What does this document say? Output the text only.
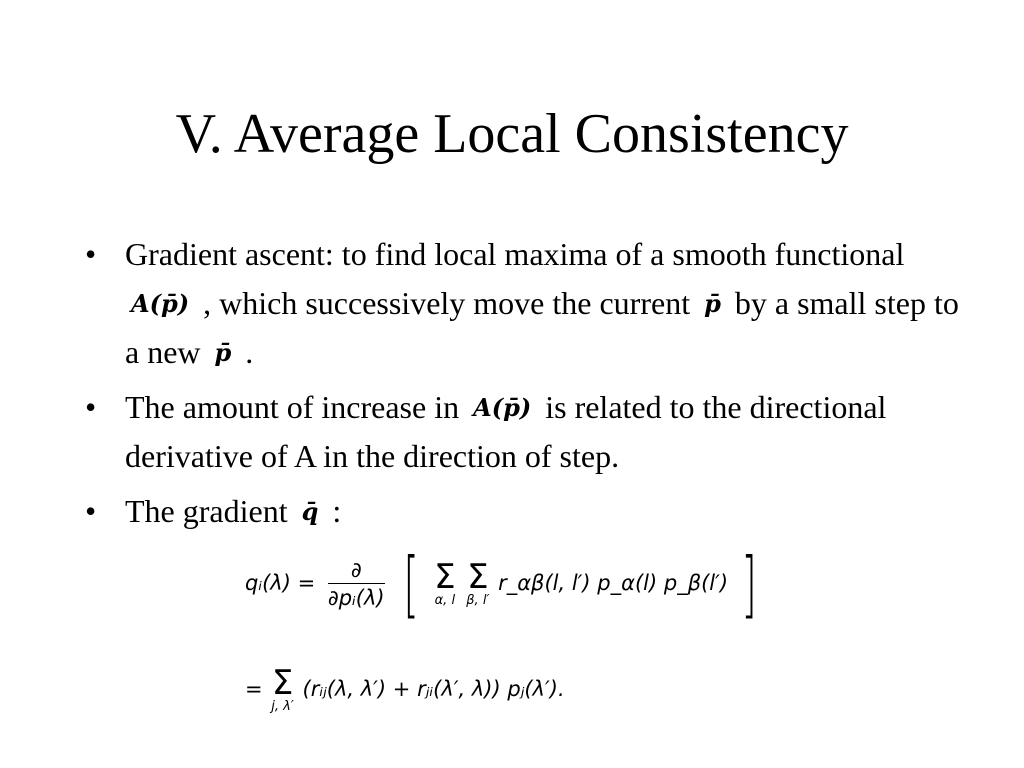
V. Average Local Consistency
• Gradient ascent: to find local maxima of a smooth functional A(p̄) , which successively move the current p̄ by a small step to a new p̄ .
• The amount of increase in A(p̄) is related to the directional derivative of A in the direction of step.
• The gradient q̄ :
qᵢ(λ) = $\frac{\partial}{\text{∂pᵢ(λ)}}$ [ Σ
α, l

Σ
β, l′
r_αβ(l, l′) p_α(l) p_β(l′) ]
= Σ
j, λ′
(rᵢⱼ(λ, λ′) + rⱼᵢ(λ′, λ)) pⱼ(λ′).
